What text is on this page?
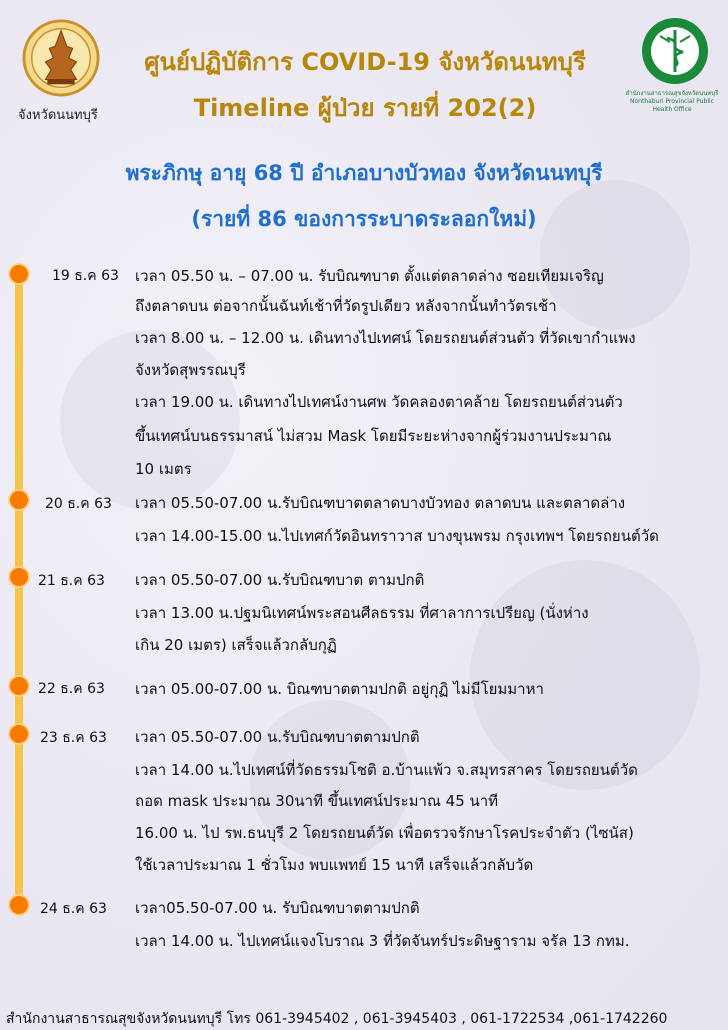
จังหวัดนนทบุรี
ศูนย์ปฏิบัติการ COVID-19 จังหวัดนนทบุรี
Timeline ผู้ป่วย รายที่ 202(2)
สำนักงานสาธารณสุขจังหวัดนนทบุรี
Nonthaburi Provincial Public Health Office
พระภิกษุ อายุ 68 ปี อำเภอบางบัวทอง จังหวัดนนทบุรี
(รายที่ 86 ของการระบาดระลอกใหม่)
19 ธ.ค 63 เวลา 05.50 น. – 07.00 น. รับบิณฑบาต ตั้งแต่ตลาดล่าง ซอยเทียมเจริญ
ถึงตลาดบน ต่อจากนั้นฉันท์เช้าที่วัดรูปเดียว หลังจากนั้นทำวัตรเช้า
เวลา 8.00 น. – 12.00 น. เดินทางไปเทศน์ โดยรถยนต์ส่วนตัว ที่วัดเขากำแพง
จังหวัดสุพรรณบุรี
เวลา 19.00 น. เดินทางไปเทศน์งานศพ วัดคลองตาคล้าย โดยรถยนต์ส่วนตัว
ขึ้นเทศน์บนธรรมาสน์ ไม่สวม Mask โดยมีระยะห่างจากผู้ร่วมงานประมาณ
10 เมตร
20 ธ.ค 63 เวลา 05.50-07.00 น.รับบิณฑบาตตลาดบางบัวทอง ตลาดบน และตลาดล่าง
เวลา 14.00-15.00 น.ไปเทศก์วัดอินทราวาส บางขุนพรม กรุงเทพฯ โดยรถยนต์วัด
21 ธ.ค 63 เวลา 05.50-07.00 น.รับบิณฑบาต ตามปกติ
เวลา 13.00 น.ปฐมนิเทศน์พระสอนศีลธรรม ที่ศาลาการเปรียญ (นั่งห่าง
เกิน 20 เมตร) เสร็จแล้วกลับกุฏิ
22 ธ.ค 63 เวลา 05.00-07.00 น. บิณฑบาตตามปกติ อยู่กุฏิ ไม่มีโยมมาหา
23 ธ.ค 63 เวลา 05.50-07.00 น.รับบิณฑบาตตามปกติ
เวลา 14.00 น.ไปเทศน์ที่วัดธรรมโชติ อ.บ้านแพ้ว จ.สมุทรสาคร โดยรถยนต์วัด
ถอด mask ประมาณ 30นาที ขึ้นเทศน์ประมาณ 45 นาที
16.00 น. ไป รพ.ธนบุรี 2 โดยรถยนต์วัด เพื่อตรวจรักษาโรคประจำตัว (ไซนัส)
ใช้เวลาประมาณ 1 ชั่วโมง พบแพทย์ 15 นาที เสร็จแล้วกลับวัด
24 ธ.ค 63 เวลา05.50-07.00 น. รับบิณฑบาตตามปกติ
เวลา 14.00 น. ไปเทศน์แจงโบราณ 3 ที่วัดจันทร์ประดิษฐาราม จรัล 13 กทม.
สำนักงานสาธารณสุขจังหวัดนนทบุรี โทร 061-3945402 , 061-3945403 , 061-1722534 ,061-1742260
